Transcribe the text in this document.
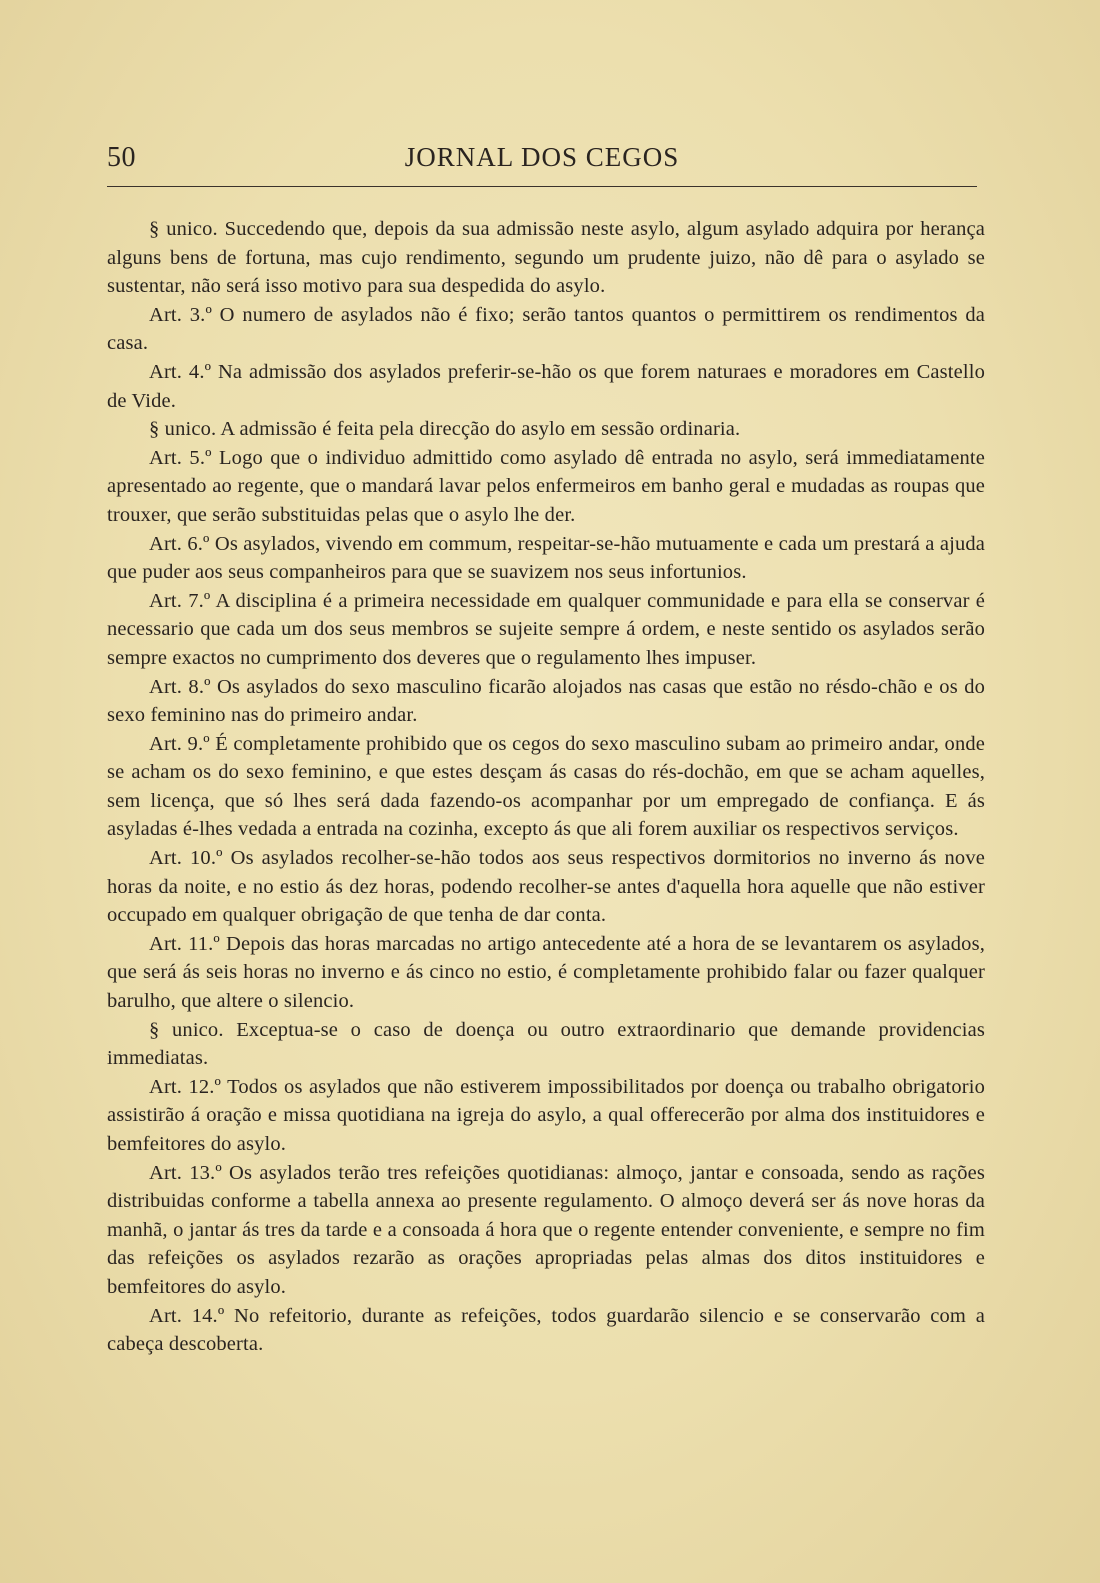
50	JORNAL DOS CEGOS

§ unico. Succedendo que, depois da sua admissão neste asylo, algum asylado adquira por herança alguns bens de fortuna, mas cujo rendimento, segundo um prudente juizo, não dê para o asylado se sustentar, não será isso motivo para sua despedida do asylo.

Art. 3.º O numero de asylados não é fixo; serão tantos quantos o permittirem os rendimentos da casa.

Art. 4.º Na admissão dos asylados preferir-se-hão os que forem naturaes e moradores em Castello de Vide.

§ unico. A admissão é feita pela direcção do asylo em sessão ordinaria.

Art. 5.º Logo que o individuo admittido como asylado dê entrada no asylo, será immediatamente apresentado ao regente, que o mandará lavar pelos enfermeiros em banho geral e mudadas as roupas que trouxer, que serão substituidas pelas que o asylo lhe der.

Art. 6.º Os asylados, vivendo em commum, respeitar-se-hão mutuamente e cada um prestará a ajuda que puder aos seus companheiros para que se suavizem nos seus infortunios.

Art. 7.º A disciplina é a primeira necessidade em qualquer communidade e para ella se conservar é necessario que cada um dos seus membros se sujeite sempre á ordem, e neste sentido os asylados serão sempre exactos no cumprimento dos deveres que o regulamento lhes impuser.

Art. 8.º Os asylados do sexo masculino ficarão alojados nas casas que estão no résdo-chão e os do sexo feminino nas do primeiro andar.

Art. 9.º É completamente prohibido que os cegos do sexo masculino subam ao primeiro andar, onde se acham os do sexo feminino, e que estes desçam ás casas do rés-dochão, em que se acham aquelles, sem licença, que só lhes será dada fazendo-os acompanhar por um empregado de confiança. E ás asyladas é-lhes vedada a entrada na cozinha, excepto ás que ali forem auxiliar os respectivos serviços.

Art. 10.º Os asylados recolher-se-hão todos aos seus respectivos dormitorios no inverno ás nove horas da noite, e no estio ás dez horas, podendo recolher-se antes d'aquella hora aquelle que não estiver occupado em qualquer obrigação de que tenha de dar conta.

Art. 11.º Depois das horas marcadas no artigo antecedente até a hora de se levantarem os asylados, que será ás seis horas no inverno e ás cinco no estio, é completamente prohibido falar ou fazer qualquer barulho, que altere o silencio.

§ unico. Exceptua-se o caso de doença ou outro extraordinario que demande providencias immediatas.

Art. 12.º Todos os asylados que não estiverem impossibilitados por doença ou trabalho obrigatorio assistirão á oração e missa quotidiana na igreja do asylo, a qual offerecerão por alma dos instituidores e bemfeitores do asylo.

Art. 13.º Os asylados terão tres refeições quotidianas: almoço, jantar e consoada, sendo as rações distribuidas conforme a tabella annexa ao presente regulamento. O almoço deverá ser ás nove horas da manhã, o jantar ás tres da tarde e a consoada á hora que o regente entender conveniente, e sempre no fim das refeições os asylados rezarão as orações apropriadas pelas almas dos ditos instituidores e bemfeitores do asylo.

Art. 14.º No refeitorio, durante as refeições, todos guardarão silencio e se conservarão com a cabeça descoberta.
